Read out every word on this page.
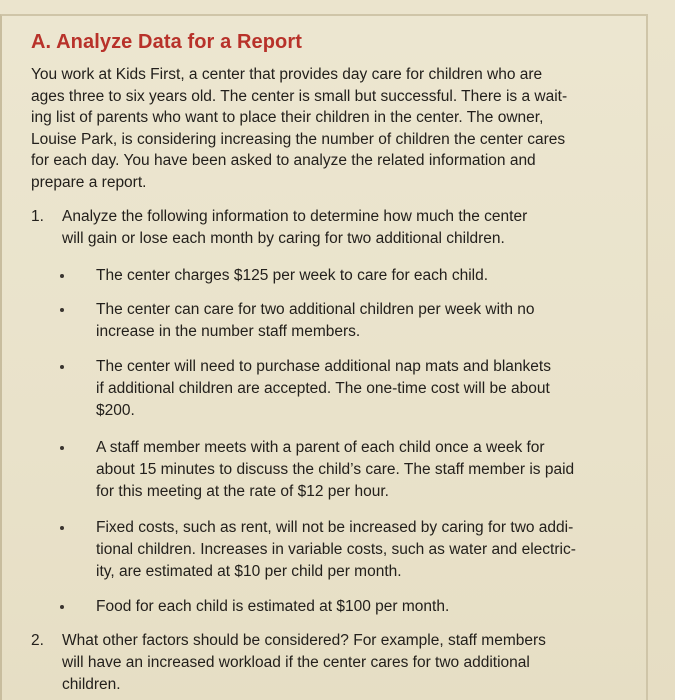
A. Analyze Data for a Report
You work at Kids First, a center that provides day care for children who are
ages three to six years old. The center is small but successful. There is a wait-
ing list of parents who want to place their children in the center. The owner,
Louise Park, is considering increasing the number of children the center cares
for each day. You have been asked to analyze the related information and
prepare a report.
1. Analyze the following information to determine how much the center
will gain or lose each month by caring for two additional children.
The center charges $125 per week to care for each child.
The center can care for two additional children per week with no
increase in the number staff members.
The center will need to purchase additional nap mats and blankets
if additional children are accepted. The one-time cost will be about
$200.
A staff member meets with a parent of each child once a week for
about 15 minutes to discuss the child’s care. The staff member is paid
for this meeting at the rate of $12 per hour.
Fixed costs, such as rent, will not be increased by caring for two addi-
tional children. Increases in variable costs, such as water and electric-
ity, are estimated at $10 per child per month.
Food for each child is estimated at $100 per month.
2. What other factors should be considered? For example, staff members
will have an increased workload if the center cares for two additional
children.
